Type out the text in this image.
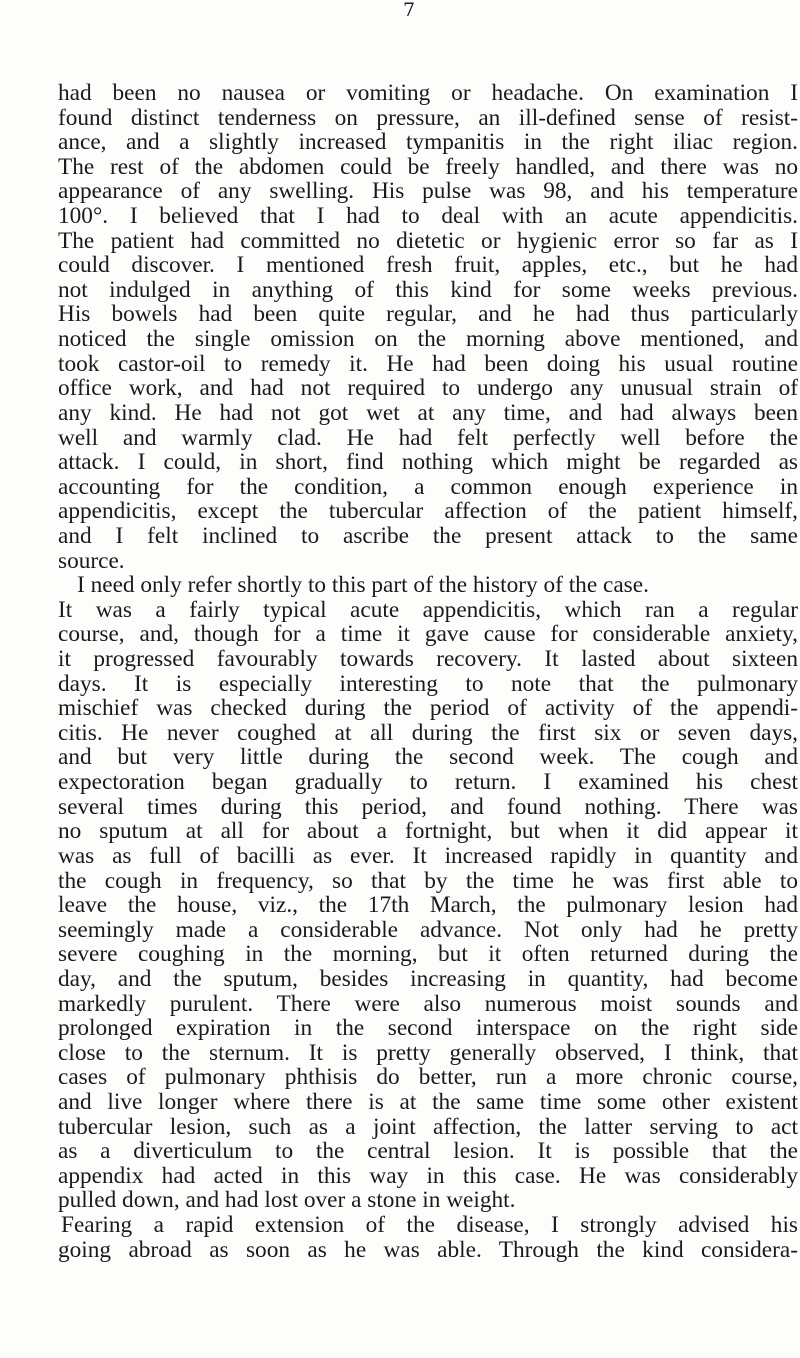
7
had been no nausea or vomiting or headache. On examination I
found distinct tenderness on pressure, an ill-defined sense of resist-
ance, and a slightly increased tympanitis in the right iliac region.
The rest of the abdomen could be freely handled, and there was no
appearance of any swelling. His pulse was 98, and his temperature
100°. I believed that I had to deal with an acute appendicitis.
The patient had committed no dietetic or hygienic error so far as I
could discover. I mentioned fresh fruit, apples, etc., but he had
not indulged in anything of this kind for some weeks previous.
His bowels had been quite regular, and he had thus particularly
noticed the single omission on the morning above mentioned, and
took castor-oil to remedy it. He had been doing his usual routine
office work, and had not required to undergo any unusual strain of
any kind. He had not got wet at any time, and had always been
well and warmly clad. He had felt perfectly well before the
attack. I could, in short, find nothing which might be regarded as
accounting for the condition, a common enough experience in
appendicitis, except the tubercular affection of the patient himself,
and I felt inclined to ascribe the present attack to the same
source.
I need only refer shortly to this part of the history of the case.
It was a fairly typical acute appendicitis, which ran a regular
course, and, though for a time it gave cause for considerable anxiety,
it progressed favourably towards recovery. It lasted about sixteen
days. It is especially interesting to note that the pulmonary
mischief was checked during the period of activity of the appendi-
citis. He never coughed at all during the first six or seven days,
and but very little during the second week. The cough and
expectoration began gradually to return. I examined his chest
several times during this period, and found nothing. There was
no sputum at all for about a fortnight, but when it did appear it
was as full of bacilli as ever. It increased rapidly in quantity and
the cough in frequency, so that by the time he was first able to
leave the house, viz., the 17th March, the pulmonary lesion had
seemingly made a considerable advance. Not only had he pretty
severe coughing in the morning, but it often returned during the
day, and the sputum, besides increasing in quantity, had become
markedly purulent. There were also numerous moist sounds and
prolonged expiration in the second interspace on the right side
close to the sternum. It is pretty generally observed, I think, that
cases of pulmonary phthisis do better, run a more chronic course,
and live longer where there is at the same time some other existent
tubercular lesion, such as a joint affection, the latter serving to act
as a diverticulum to the central lesion. It is possible that the
appendix had acted in this way in this case. He was considerably
pulled down, and had lost over a stone in weight.
Fearing a rapid extension of the disease, I strongly advised his
going abroad as soon as he was able. Through the kind considera-
